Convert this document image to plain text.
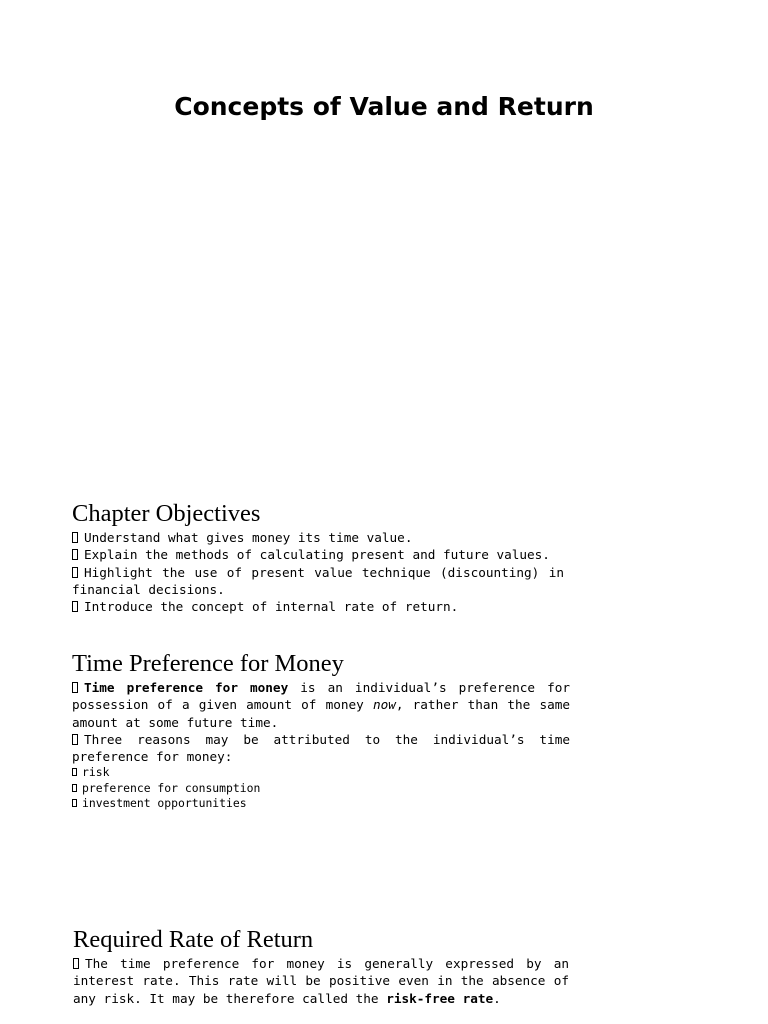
Concepts of Value and Return
Chapter Objectives
Understand what gives money its time value.
Explain the methods of calculating present and future values.
Highlight the use of present value technique (discounting) in financial decisions.
Introduce the concept of internal rate of return.
Time Preference for Money
Time preference for money is an individual’s preference for possession of a given amount of money now, rather than the same amount at some future time.
Three reasons may be attributed to the individual’s time preference for money:
risk
preference for consumption
investment opportunities
Required Rate of Return
The time preference for money is generally expressed by an interest rate. This rate will be positive even in the absence of any risk. It may be therefore called the risk-free rate.
